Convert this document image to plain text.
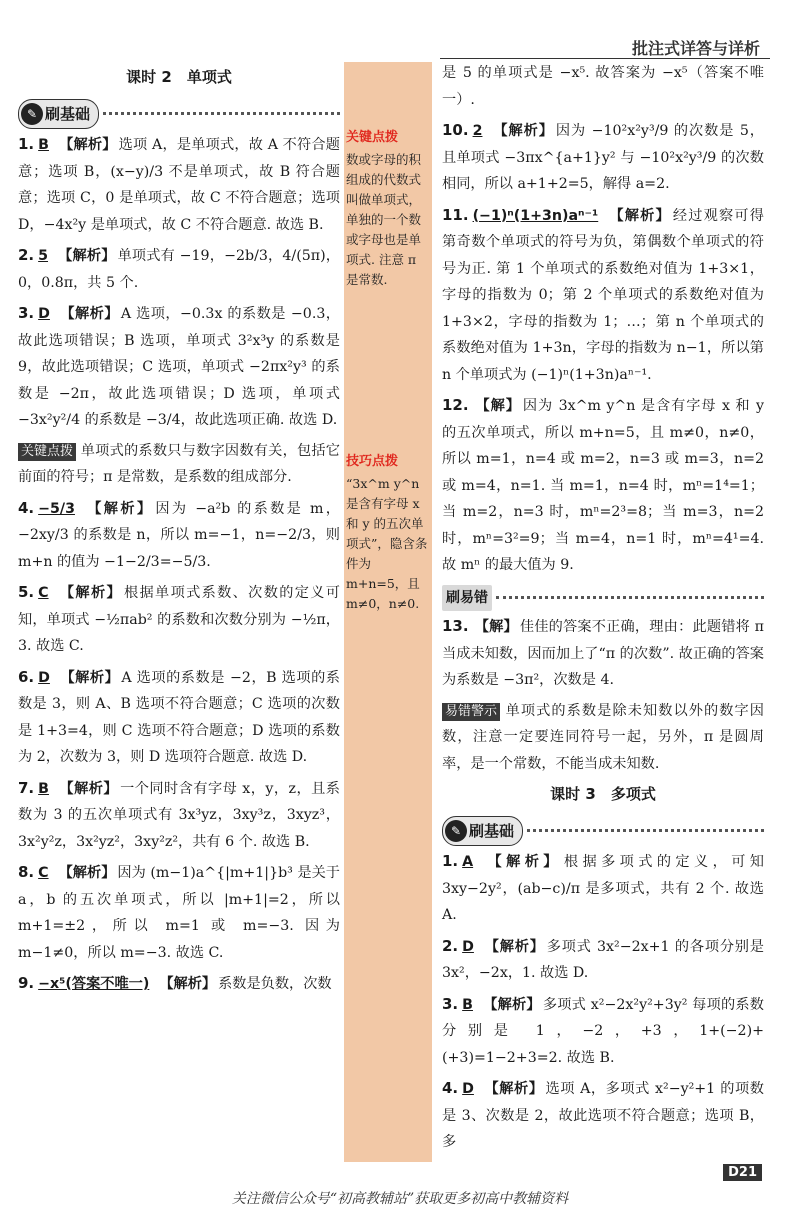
批注式详答与详析
课时 2　单项式
✎ 刷基础
1. B 【解析】 选项 A，是单项式，故 A 不符合题意；选项 B，(x−y)/3 不是单项式，故 B 符合题意；选项 C，0 是单项式，故 C 不符合题意；选项 D，−4x²y 是单项式，故 C 不符合题意. 故选 B.
2. 5 【解析】 单项式有 −19，−2b/3，4/(5π)，0，0.8π，共 5 个.
3. D 【解析】 A 选项，−0.3x 的系数是 −0.3，故此选项错误；B 选项，单项式 3²x³y 的系数是 9，故此选项错误；C 选项，单项式 −2πx²y³ 的系数是 −2π，故此选项错误；D 选项，单项式 −3x²y²/4 的系数是 −3/4，故此选项正确. 故选 D.
关键点拨 单项式的系数只与数字因数有关，包括它前面的符号；π 是常数，是系数的组成部分.
4. −5/3 【解析】 因为 −a²b 的系数是 m，−2xy/3 的系数是 n，所以 m=−1，n=−2/3，则 m+n 的值为 −1−2/3=−5/3.
5. C 【解析】 根据单项式系数、次数的定义可知，单项式 −½πab² 的系数和次数分别为 −½π，3. 故选 C.
6. D 【解析】 A 选项的系数是 −2，B 选项的系数是 3，则 A、B 选项不符合题意；C 选项的次数是 1+3=4，则 C 选项不符合题意；D 选项的系数为 2，次数为 3，则 D 选项符合题意. 故选 D.
7. B 【解析】 一个同时含有字母 x，y，z，且系数为 3 的五次单项式有 3x³yz，3xy³z，3xyz³，3x²y²z，3x²yz²，3xy²z²，共有 6 个. 故选 B.
8. C 【解析】 因为 (m−1)a^{|m+1|}b³ 是关于 a，b 的五次单项式，所以 |m+1|=2，所以 m+1=±2，所以 m=1 或 m=−3. 因为 m−1≠0，所以 m=−3. 故选 C.
9. −x⁵(答案不唯一) 【解析】 系数是负数，次数
关键点拨
数或字母的积组成的代数式叫做单项式，单独的一个数或字母也是单项式. 注意 π 是常数.
技巧点拨
“3x^m y^n 是含有字母 x 和 y 的五次单项式”，隐含条件为 m+n=5，且 m≠0，n≠0.
是 5 的单项式是 −x⁵. 故答案为 −x⁵（答案不唯一）.
10. 2 【解析】 因为 −10²x²y³/9 的次数是 5，且单项式 −3πx^{a+1}y² 与 −10²x²y³/9 的次数相同，所以 a+1+2=5，解得 a=2.
11. (−1)ⁿ(1+3n)aⁿ⁻¹ 【解析】 经过观察可得第奇数个单项式的符号为负，第偶数个单项式的符号为正. 第 1 个单项式的系数绝对值为 1+3×1，字母的指数为 0；第 2 个单项式的系数绝对值为 1+3×2，字母的指数为 1；…；第 n 个单项式的系数绝对值为 1+3n，字母的指数为 n−1，所以第 n 个单项式为 (−1)ⁿ(1+3n)aⁿ⁻¹.
12. 【解】 因为 3x^m y^n 是含有字母 x 和 y 的五次单项式，所以 m+n=5，且 m≠0，n≠0，所以 m=1，n=4 或 m=2，n=3 或 m=3，n=2 或 m=4，n=1. 当 m=1，n=4 时，mⁿ=1⁴=1；当 m=2，n=3 时，mⁿ=2³=8；当 m=3，n=2 时，mⁿ=3²=9；当 m=4，n=1 时，mⁿ=4¹=4. 故 mⁿ 的最大值为 9.
刷易错
13. 【解】 佳佳的答案不正确，理由：此题错将 π 当成未知数，因而加上了“π 的次数”. 故正确的答案为系数是 −3π²，次数是 4.
易错警示 单项式的系数是除未知数以外的数字因数，注意一定要连同符号一起，另外，π 是圆周率，是一个常数，不能当成未知数.
课时 3　多项式
✎ 刷基础
1. A 【解析】 根据多项式的定义，可知 3xy−2y²，(ab−c)/π 是多项式，共有 2 个. 故选 A.
2. D 【解析】 多项式 3x²−2x+1 的各项分别是 3x²，−2x，1. 故选 D.
3. B 【解析】 多项式 x²−2x²y²+3y² 每项的系数分别是 1，−2，+3，1+(−2)+(+3)=1−2+3=2. 故选 B.
4. D 【解析】 选项 A，多项式 x²−y²+1 的项数是 3、次数是 2，故此选项不符合题意；选项 B，多
D21
关注微信公众号“初高教辅站”获取更多初高中教辅资料
